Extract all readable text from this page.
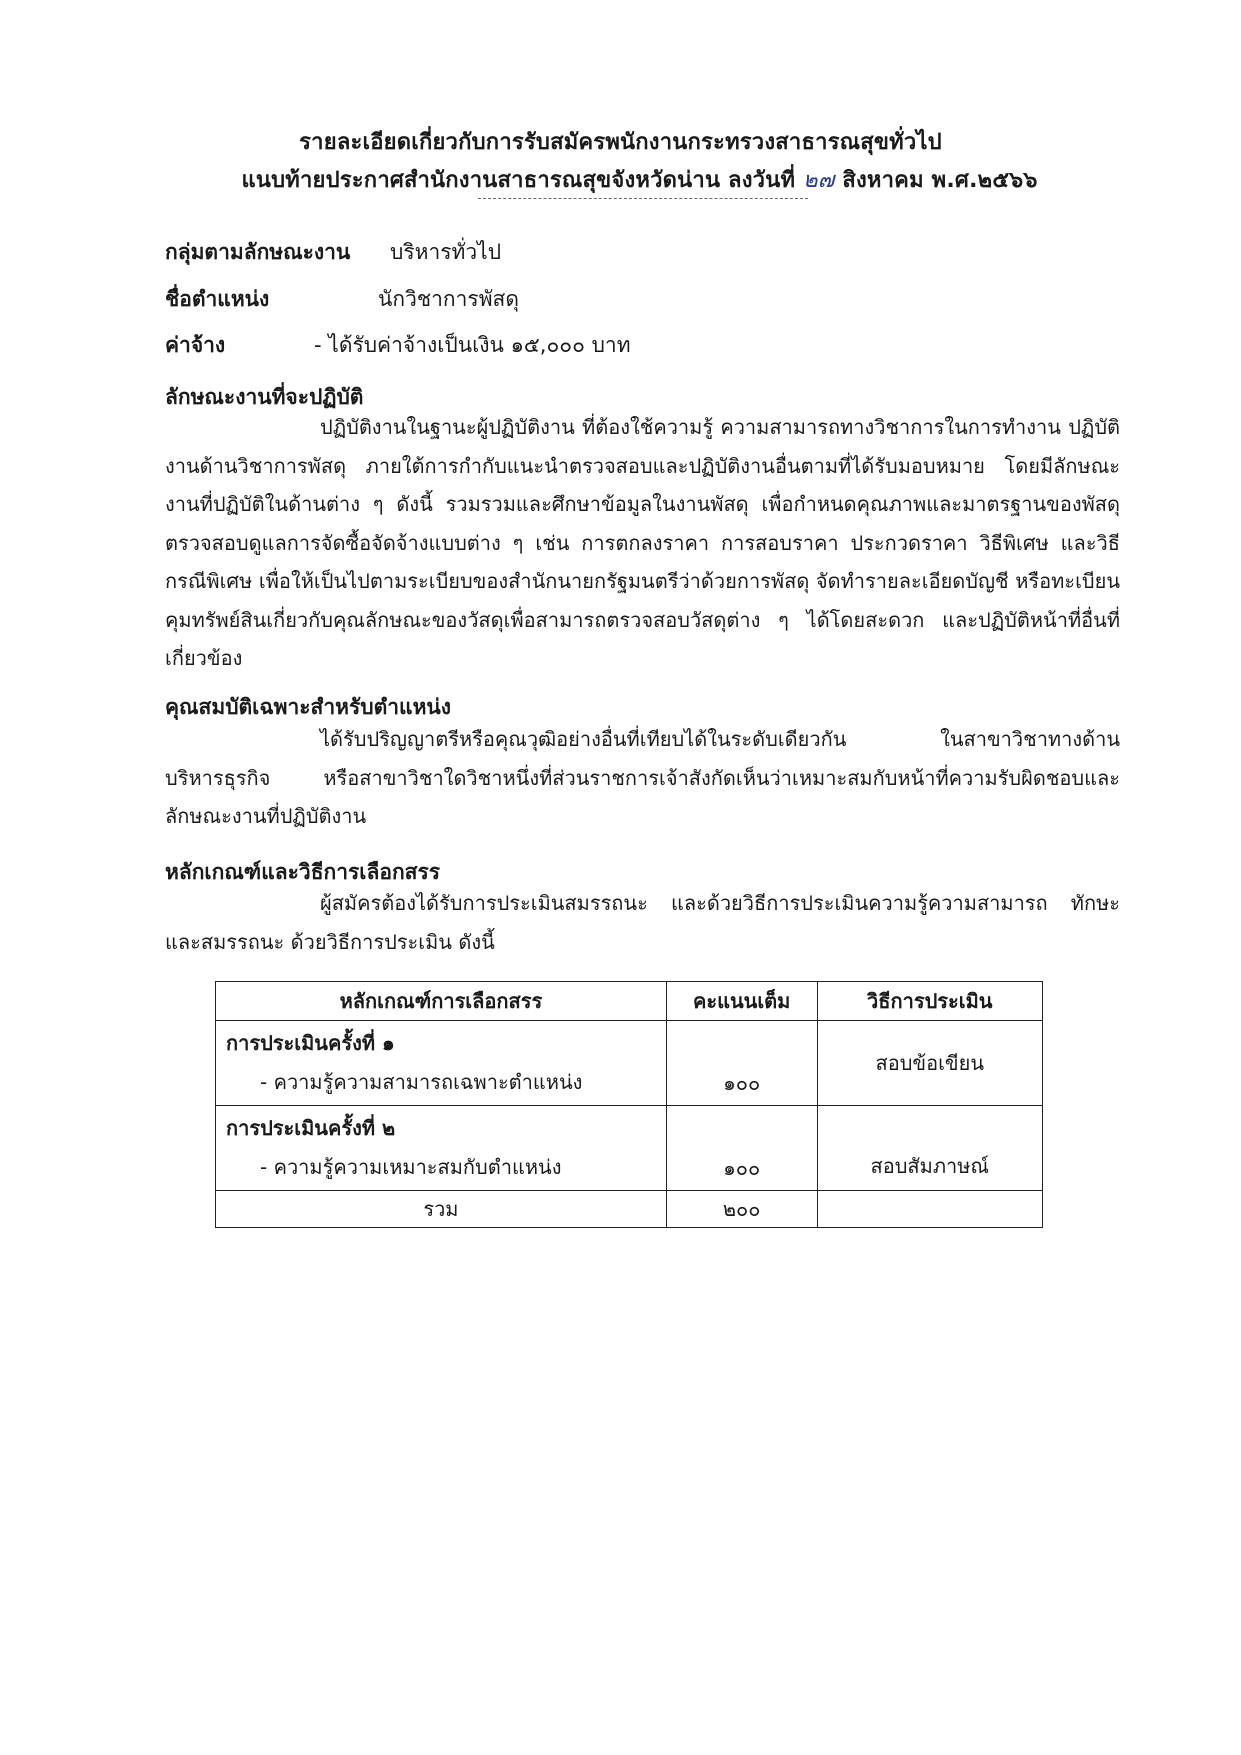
รายละเอียดเกี่ยวกับการรับสมัครพนักงานกระทรวงสาธารณสุขทั่วไป
แนบท้ายประกาศสำนักงานสาธารณสุขจังหวัดน่าน ลงวันที่ ๒๗ สิงหาคม พ.ศ.๒๕๖๖
กลุ่มตามลักษณะงาน บริหารทั่วไป
ชื่อตำแหน่ง	นักวิชาการพัสดุ
ค่าจ้าง	- ได้รับค่าจ้างเป็นเงิน ๑๕,๐๐๐ บาท
ลักษณะงานที่จะปฏิบัติ

ปฏิบัติงานในฐานะผู้ปฏิบัติงาน ที่ต้องใช้ความรู้ ความสามารถทางวิชาการในการทำงาน ปฏิบัติงานด้านวิชาการพัสดุ ภายใต้การกำกับแนะนำตรวจสอบและปฏิบัติงานอื่นตามที่ได้รับมอบหมาย โดยมีลักษณะงานที่ปฏิบัติในด้านต่าง ๆ ดังนี้ รวมรวมและศึกษาข้อมูลในงานพัสดุ เพื่อกำหนดคุณภาพและมาตรฐานของพัสดุ ตรวจสอบดูแลการจัดซื้อจัดจ้างแบบต่าง ๆ เช่น การตกลงราคา การสอบราคา ประกวดราคา วิธีพิเศษ และวิธีกรณีพิเศษ เพื่อให้เป็นไปตามระเบียบของสำนักนายกรัฐมนตรีว่าด้วยการพัสดุ จัดทำรายละเอียดบัญชี หรือทะเบียนคุมทรัพย์สินเกี่ยวกับคุณลักษณะของวัสดุเพื่อสามารถตรวจสอบวัสดุต่าง ๆ ได้โดยสะดวก และปฏิบัติหน้าที่อื่นที่เกี่ยวข้อง

คุณสมบัติเฉพาะสำหรับตำแหน่ง

ได้รับปริญญาตรีหรือคุณวุฒิอย่างอื่นที่เทียบได้ในระดับเดียวกัน ในสาขาวิชาทางด้านบริหารธุรกิจ หรือสาขาวิชาใดวิชาหนึ่งที่ส่วนราชการเจ้าสังกัดเห็นว่าเหมาะสมกับหน้าที่ความรับผิดชอบและลักษณะงานที่ปฏิบัติงาน

หลักเกณฑ์และวิธีการเลือกสรร

ผู้สมัครต้องได้รับการประเมินสมรรถนะ และด้วยวิธีการประเมินความรู้ความสามารถ ทักษะ และสมรรถนะ ด้วยวิธีการประเมิน ดังนี้

หลักเกณฑ์การเลือกสรร	คะแนนเต็ม	วิธีการประเมิน

การประเมินครั้งที่ ๑
- ความรู้ความสามารถเฉพาะตำแหน่ง	๑๐๐	สอบข้อเขียน

การประเมินครั้งที่ ๒
- ความรู้ความเหมาะสมกับตำแหน่ง	๑๐๐	สอบสัมภาษณ์
รวม	๒๐๐	
